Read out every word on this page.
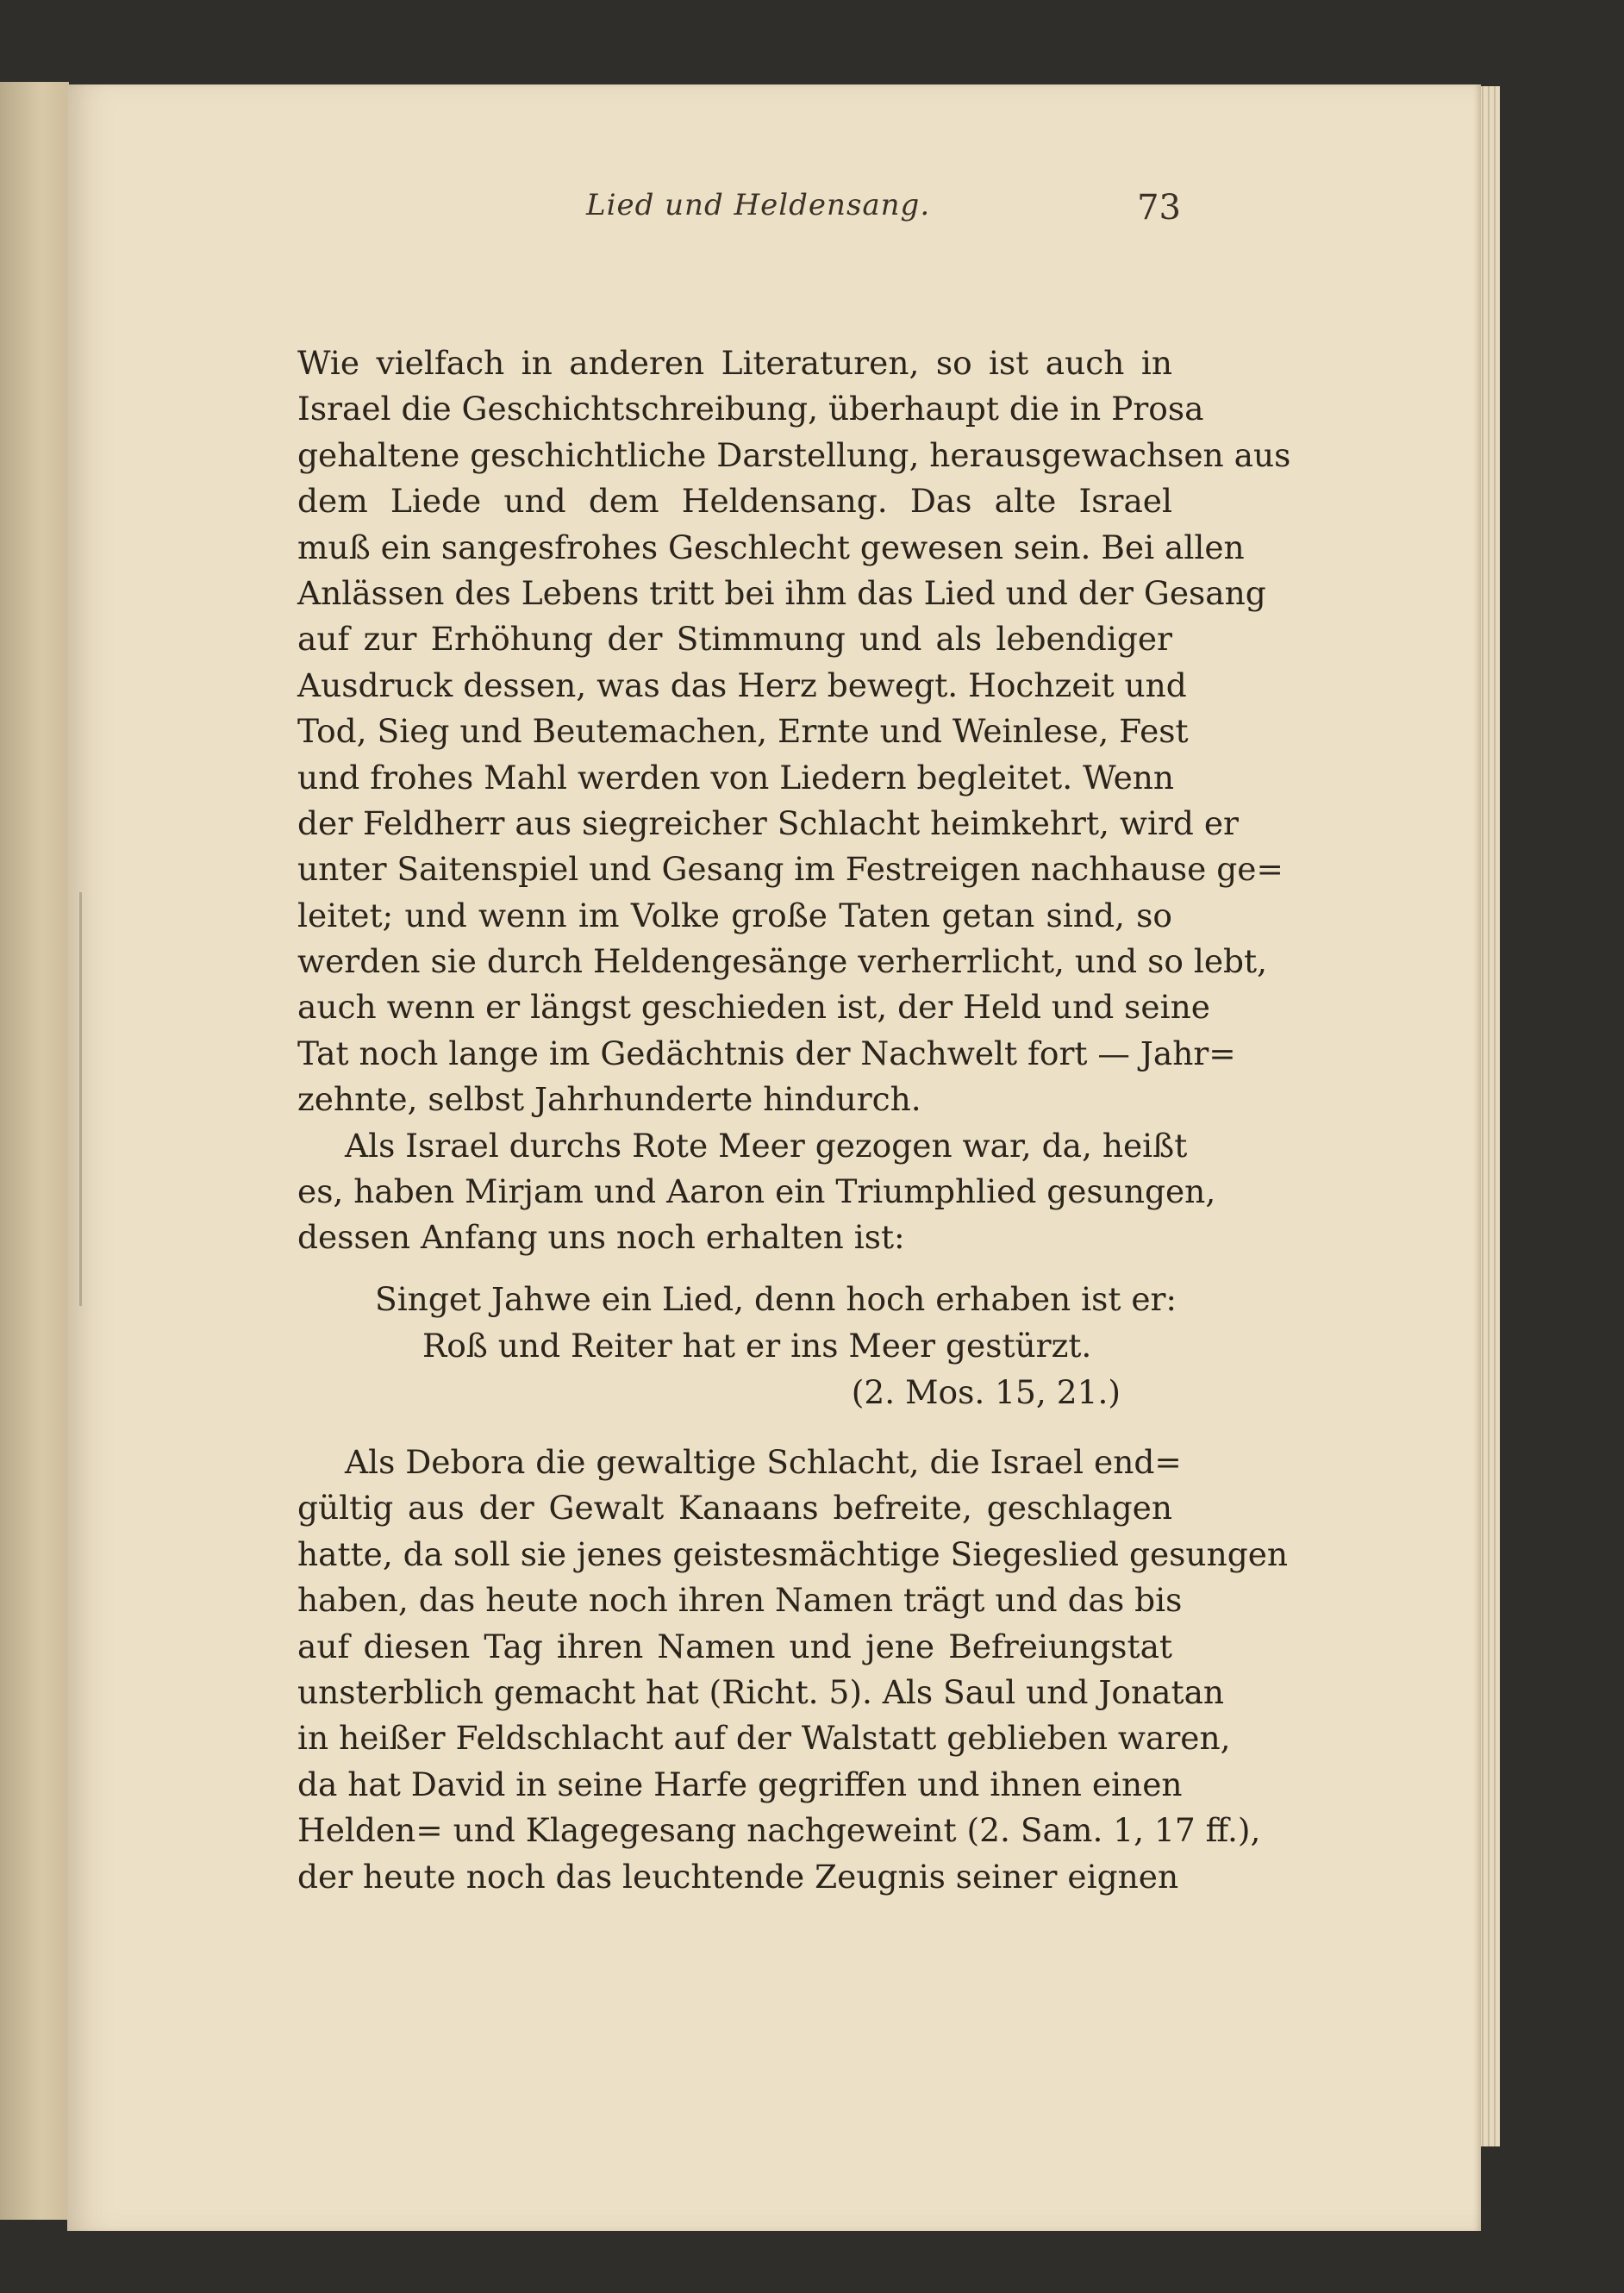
Lied und Heldensang.	73
Wie vielfach in anderen Literaturen, so ist auch in
Israel die Geschichtschreibung, überhaupt die in Prosa
gehaltene geschichtliche Darstellung, herausgewachsen aus
dem Liede und dem Heldensang. Das alte Israel
muß ein sangesfrohes Geschlecht gewesen sein. Bei allen
Anlässen des Lebens tritt bei ihm das Lied und der Gesang
auf zur Erhöhung der Stimmung und als lebendiger
Ausdruck dessen, was das Herz bewegt. Hochzeit und
Tod, Sieg und Beutemachen, Ernte und Weinlese, Fest
und frohes Mahl werden von Liedern begleitet. Wenn
der Feldherr aus siegreicher Schlacht heimkehrt, wird er
unter Saitenspiel und Gesang im Festreigen nachhause ge=
leitet; und wenn im Volke große Taten getan sind, so
werden sie durch Heldengesänge verherrlicht, und so lebt,
auch wenn er längst geschieden ist, der Held und seine
Tat noch lange im Gedächtnis der Nachwelt fort — Jahr=
zehnte, selbst Jahrhunderte hindurch.
Als Israel durchs Rote Meer gezogen war, da, heißt
es, haben Mirjam und Aaron ein Triumphlied gesungen,
dessen Anfang uns noch erhalten ist:
Singet Jahwe ein Lied, denn hoch erhaben ist er:
Roß und Reiter hat er ins Meer gestürzt.
(2. Mos. 15, 21.)
Als Debora die gewaltige Schlacht, die Israel end=
gültig aus der Gewalt Kanaans befreite, geschlagen
hatte, da soll sie jenes geistesmächtige Siegeslied gesungen
haben, das heute noch ihren Namen trägt und das bis
auf diesen Tag ihren Namen und jene Befreiungstat
unsterblich gemacht hat (Richt. 5). Als Saul und Jonatan
in heißer Feldschlacht auf der Walstatt geblieben waren,
da hat David in seine Harfe gegriffen und ihnen einen
Helden= und Klagegesang nachgeweint (2. Sam. 1, 17 ff.),
der heute noch das leuchtende Zeugnis seiner eignen
